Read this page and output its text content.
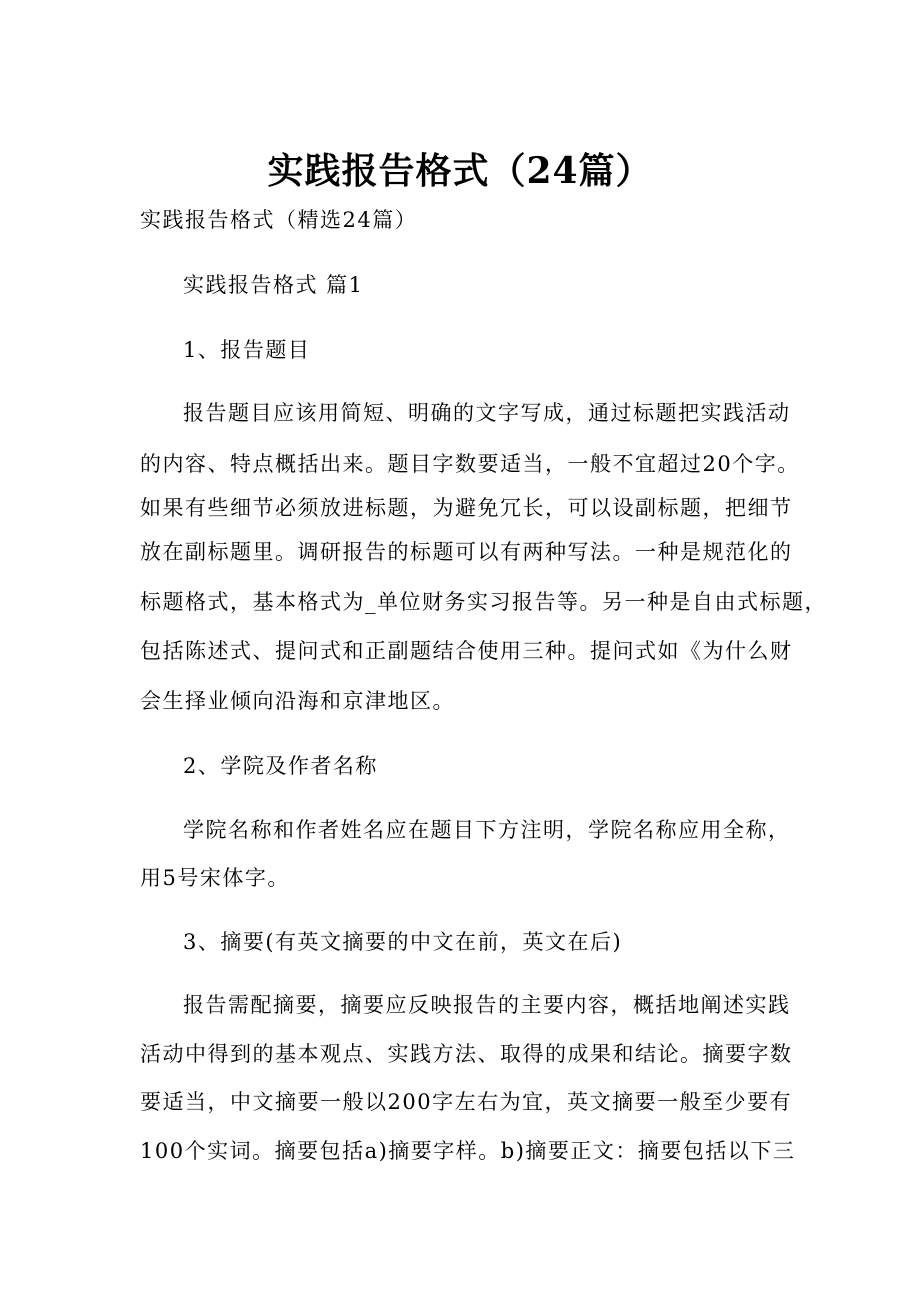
实践报告格式（24篇）
实践报告格式（精选24篇）
实践报告格式 篇1
1、报告题目
报告题目应该用简短、明确的文字写成，通过标题把实践活动
的内容、特点概括出来。题目字数要适当，一般不宜超过20个字。
如果有些细节必须放进标题，为避免冗长，可以设副标题，把细节
放在副标题里。调研报告的标题可以有两种写法。一种是规范化的
标题格式，基本格式为_单位财务实习报告等。另一种是自由式标题，
包括陈述式、提问式和正副题结合使用三种。提问式如《为什么财
会生择业倾向沿海和京津地区。
2、学院及作者名称
学院名称和作者姓名应在题目下方注明，学院名称应用全称，
用5号宋体字。
3、摘要(有英文摘要的中文在前，英文在后)
报告需配摘要，摘要应反映报告的主要内容，概括地阐述实践
活动中得到的基本观点、实践方法、取得的成果和结论。摘要字数
要适当，中文摘要一般以200字左右为宜，英文摘要一般至少要有
100个实词。摘要包括a)摘要字样。b)摘要正文：摘要包括以下三
